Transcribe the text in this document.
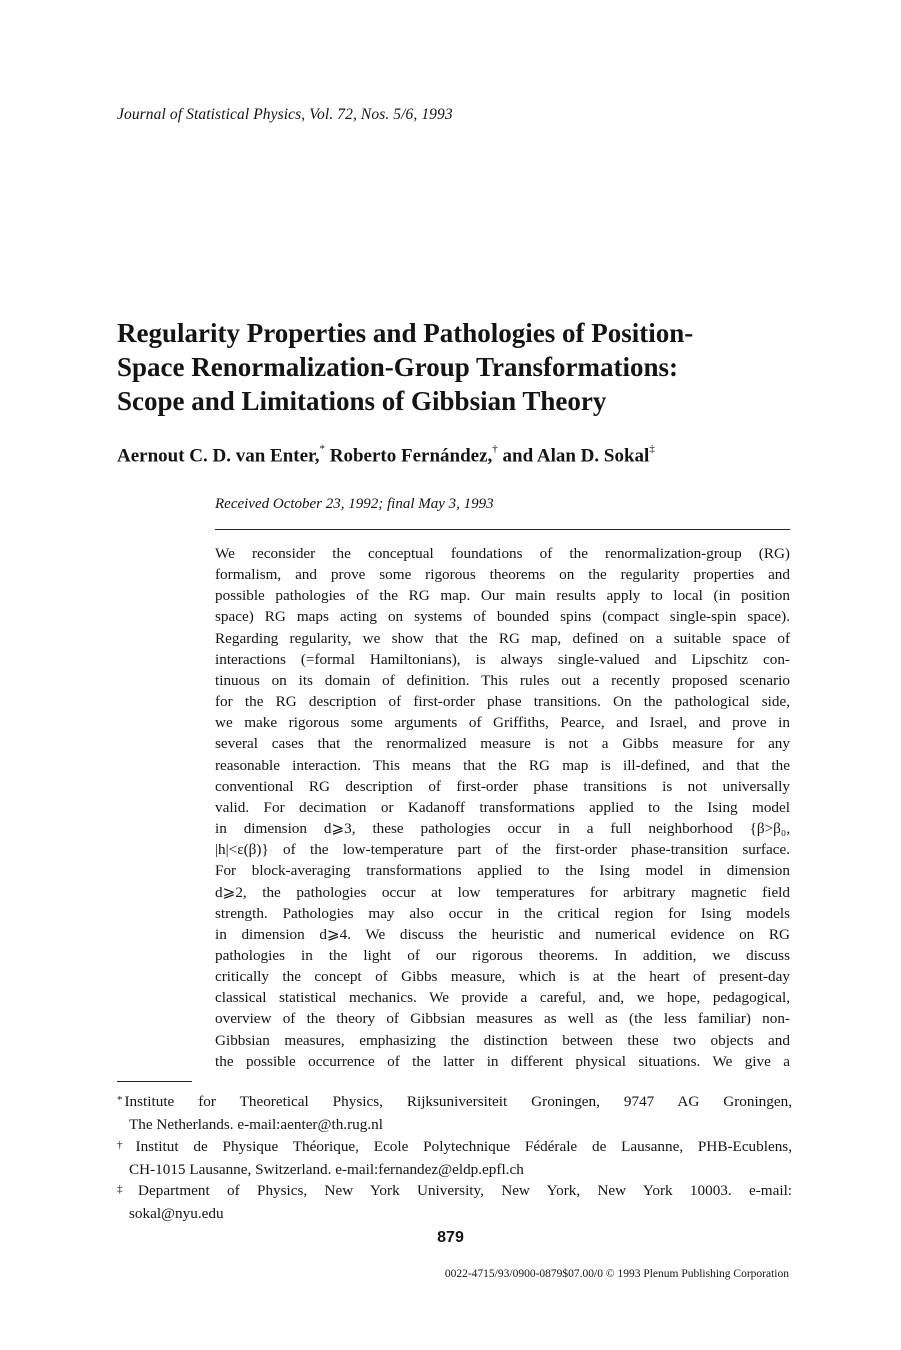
Journal of Statistical Physics, Vol. 72, Nos. 5/6, 1993
Regularity Properties and Pathologies of Position-
Space Renormalization-Group Transformations:
Scope and Limitations of Gibbsian Theory
Aernout C. D. van Enter,* Roberto Fernández,† and Alan D. Sokal‡
Received October 23, 1992; final May 3, 1993
We reconsider the conceptual foundations of the renormalization-group (RG)
formalism, and prove some rigorous theorems on the regularity properties and
possible pathologies of the RG map. Our main results apply to local (in position
space) RG maps acting on systems of bounded spins (compact single-spin space).
Regarding regularity, we show that the RG map, defined on a suitable space of
interactions (=formal Hamiltonians), is always single-valued and Lipschitz con-
tinuous on its domain of definition. This rules out a recently proposed scenario
for the RG description of first-order phase transitions. On the pathological side,
we make rigorous some arguments of Griffiths, Pearce, and Israel, and prove in
several cases that the renormalized measure is not a Gibbs measure for any
reasonable interaction. This means that the RG map is ill-defined, and that the
conventional RG description of first-order phase transitions is not universally
valid. For decimation or Kadanoff transformations applied to the Ising model
in dimension d⩾3, these pathologies occur in a full neighborhood {β>β₀,
|h|<ε(β)} of the low-temperature part of the first-order phase-transition surface.
For block-averaging transformations applied to the Ising model in dimension
d⩾2, the pathologies occur at low temperatures for arbitrary magnetic field
strength. Pathologies may also occur in the critical region for Ising models
in dimension d⩾4. We discuss the heuristic and numerical evidence on RG
pathologies in the light of our rigorous theorems. In addition, we discuss
critically the concept of Gibbs measure, which is at the heart of present-day
classical statistical mechanics. We provide a careful, and, we hope, pedagogical,
overview of the theory of Gibbsian measures as well as (the less familiar) non-
Gibbsian measures, emphasizing the distinction between these two objects and
the possible occurrence of the latter in different physical situations. We give a
* Institute for Theoretical Physics, Rijksuniversiteit Groningen, 9747 AG Groningen,
The Netherlands. e-mail:aenter@th.rug.nl
† Institut de Physique Théorique, Ecole Polytechnique Fédérale de Lausanne, PHB-Ecublens,
CH-1015 Lausanne, Switzerland. e-mail:fernandez@eldp.epfl.ch
‡ Department of Physics, New York University, New York, New York 10003. e-mail:
sokal@nyu.edu
879
0022-4715/93/0900-0879$07.00/0 © 1993 Plenum Publishing Corporation
